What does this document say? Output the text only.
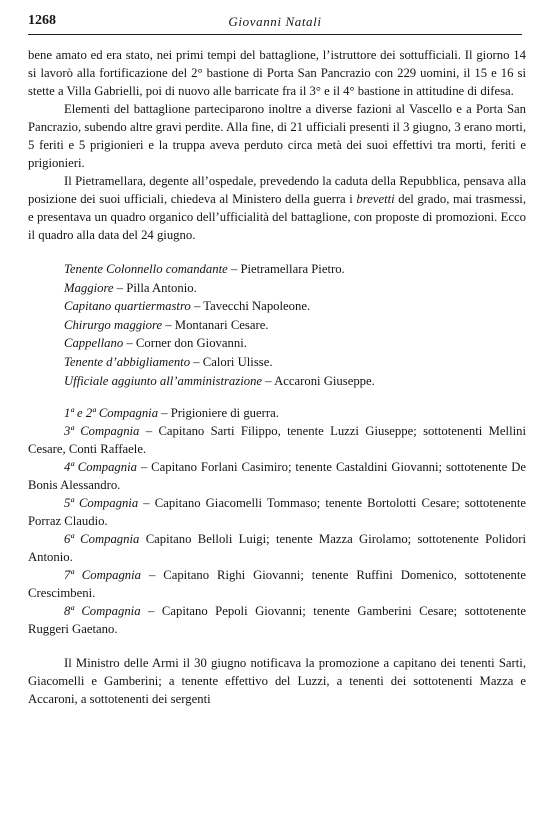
1268	Giovanni Natali

bene amato ed era stato, nei primi tempi del battaglione, l’istruttore dei sottufficiali. Il giorno 14 si lavorò alla fortificazione del 2° bastione di Porta San Pancrazio con 229 uomini, il 15 e 16 si stette a Villa Gabrielli, poi di nuovo alle barricate fra il 3° e il 4° bastione in attitudine di difesa.

Elementi del battaglione parteciparono inoltre a diverse fazioni al Vascello e a Porta San Pancrazio, subendo altre gravi perdite. Alla fine, di 21 ufficiali presenti il 3 giugno, 3 erano morti, 5 feriti e 5 prigionieri e la truppa aveva perduto circa metà dei suoi effettivi tra morti, feriti e prigionieri.

Il Pietramellara, degente all’ospedale, prevedendo la caduta della Repubblica, pensava alla posizione dei suoi ufficiali, chiedeva al Ministero della guerra i brevetti del grado, mai trasmessi, e presentava un quadro organico dell’ufficialità del battaglione, con proposte di promozioni. Ecco il quadro alla data del 24 giugno.

Tenente Colonnello comandante – Pietramellara Pietro.
Maggiore – Pilla Antonio.
Capitano quartiermastro – Tavecchi Napoleone.
Chirurgo maggiore – Montanari Cesare.
Cappellano – Corner don Giovanni.
Tenente d’abbigliamento – Calori Ulisse.
Ufficiale aggiunto all’amministrazione – Accaroni Giuseppe.

1ª e 2ª Compagnia – Prigioniere di guerra.

3ª Compagnia – Capitano Sarti Filippo, tenente Luzzi Giuseppe; sottotenenti Mellini Cesare, Conti Raffaele.

4ª Compagnia – Capitano Forlani Casimiro; tenente Castaldini Giovanni; sottotenente De Bonis Alessandro.

5ª Compagnia – Capitano Giacomelli Tommaso; tenente Bortolotti Cesare; sottotenente Porraz Claudio.

6ª Compagnia Capitano Belloli Luigi; tenente Mazza Girolamo; sottotenente Polidori Antonio.

7ª Compagnia – Capitano Righi Giovanni; tenente Ruffini Domenico, sottotenente Crescimbeni.

8ª Compagnia – Capitano Pepoli Giovanni; tenente Gamberini Cesare; sottotenente Ruggeri Gaetano.

Il Ministro delle Armi il 30 giugno notificava la promozione a capitano dei tenenti Sarti, Giacomelli e Gamberini; a tenente effettivo del Luzzi, a tenenti dei sottotenenti Mazza e Accaroni, a sottotenenti dei sergenti
